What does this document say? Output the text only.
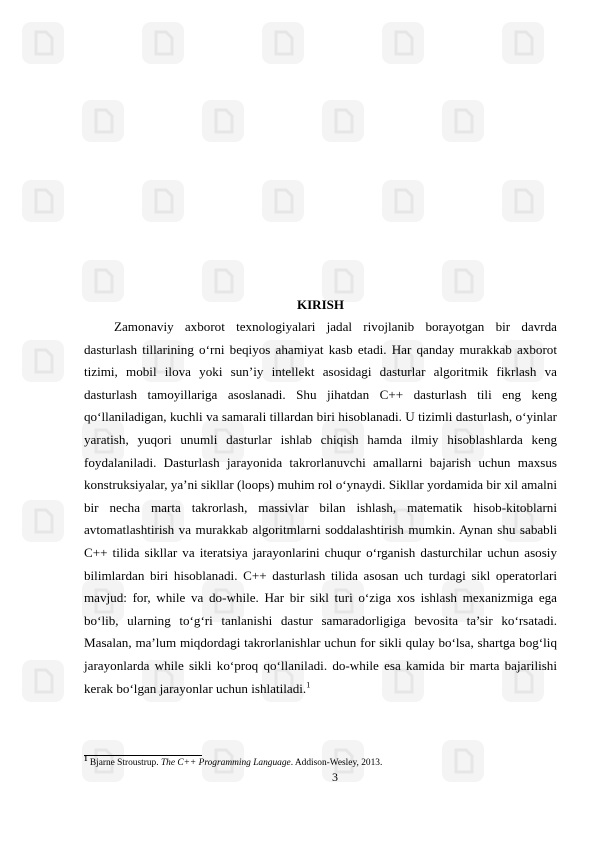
KIRISH

Zamonaviy axborot texnologiyalari jadal rivojlanib borayotgan bir davrda dasturlash tillarining o‘rni beqiyos ahamiyat kasb etadi. Har qanday murakkab axborot tizimi, mobil ilova yoki sun’iy intellekt asosidagi dasturlar algoritmik fikrlash va dasturlash tamoyillariga asoslanadi. Shu jihatdan C++ dasturlash tili eng keng qo‘llaniladigan, kuchli va samarali tillardan biri hisoblanadi. U tizimli dasturlash, o‘yinlar yaratish, yuqori unumli dasturlar ishlab chiqish hamda ilmiy hisoblashlarda keng foydalaniladi. Dasturlash jarayonida takrorlanuvchi amallarni bajarish uchun maxsus konstruksiyalar, ya’ni sikllar (loops) muhim rol o‘ynaydi. Sikllar yordamida bir xil amalni bir necha marta takrorlash, massivlar bilan ishlash, matematik hisob-kitoblarni avtomatlashtirish va murakkab algoritmlarni soddalashtirish mumkin. Aynan shu sababli C++ tilida sikllar va iteratsiya jarayonlarini chuqur o‘rganish dasturchilar uchun asosiy bilimlardan biri hisoblanadi. C++ dasturlash tilida asosan uch turdagi sikl operatorlari mavjud: for, while va do-while. Har bir sikl turi o‘ziga xos ishlash mexanizmiga ega bo‘lib, ularning to‘g‘ri tanlanishi dastur samaradorligiga bevosita ta’sir ko‘rsatadi. Masalan, ma’lum miqdordagi takrorlanishlar uchun for sikli qulay bo‘lsa, shartga bog‘liq jarayonlarda while sikli ko‘proq qo‘llaniladi. do-while esa kamida bir marta bajarilishi kerak bo‘lgan jarayonlar uchun ishlatiladi.$^1$

$^1$ Bjarne Stroustrup. The C++ Programming Language. Addison-Wesley, 2013.
3
